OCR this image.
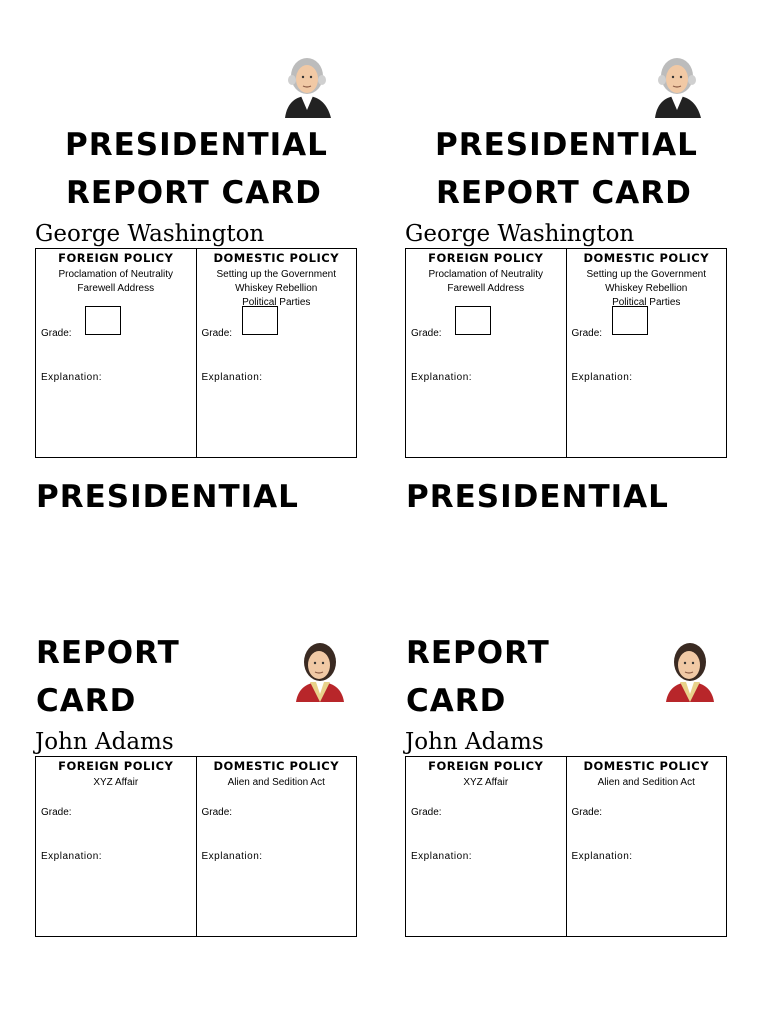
PRESIDENTIAL
REPORT CARD
George Washington
FOREIGN POLICY
Proclamation of Neutrality
Farewell Address
Grade:
Explanation:
DOMESTIC POLICY
Setting up the Government
Whiskey Rebellion
Political Parties
Grade:
Explanation:
PRESIDENTIAL
REPORT CARD
George Washington
FOREIGN POLICY
Proclamation of Neutrality
Farewell Address
Grade:
Explanation:
DOMESTIC POLICY
Setting up the Government
Whiskey Rebellion
Political Parties
Grade:
Explanation:
PRESIDENTIAL
REPORT
CARD
John Adams
FOREIGN POLICY
XYZ Affair
Grade:
Explanation:
DOMESTIC POLICY
Alien and Sedition Act
Grade:
Explanation:
PRESIDENTIAL
REPORT
CARD
John Adams
FOREIGN POLICY
XYZ Affair
Grade:
Explanation:
DOMESTIC POLICY
Alien and Sedition Act
Grade:
Explanation:
